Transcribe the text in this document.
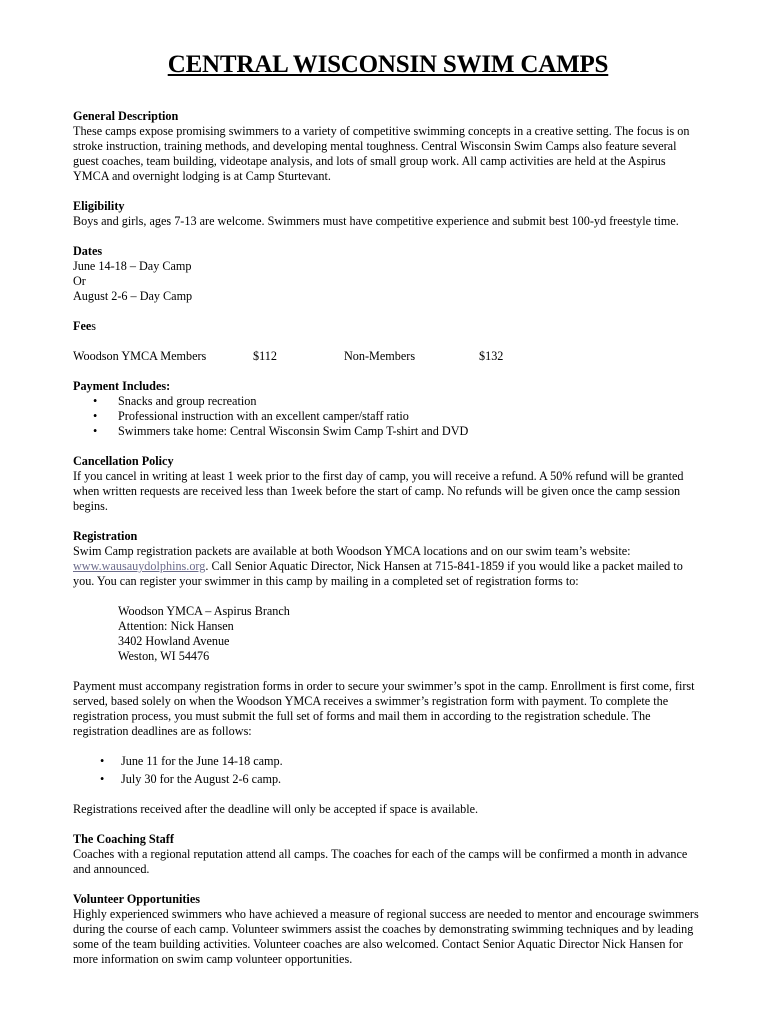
CENTRAL WISCONSIN SWIM CAMPS
General Description

These camps expose promising swimmers to a variety of competitive swimming concepts in a creative setting. The focus is on stroke instruction, training methods, and developing mental toughness. Central Wisconsin Swim Camps also feature several guest coaches, team building, videotape analysis, and lots of small group work. All camp activities are held at the Aspirus YMCA and overnight lodging is at Camp Sturtevant.

Eligibility

Boys and girls, ages 7-13 are welcome. Swimmers must have competitive experience and submit best 100-yd freestyle time.

Dates
June 14-18 – Day Camp
Or
August 2-6 – Day Camp
Fees
Woodson YMCA Members	$112	Non-Members	$132
Payment Includes:
• Snacks and group recreation
• Professional instruction with an excellent camper/staff ratio
• Swimmers take home: Central Wisconsin Swim Camp T-shirt and DVD
Cancellation Policy

If you cancel in writing at least 1 week prior to the first day of camp, you will receive a refund. A 50% refund will be granted when written requests are received less than 1week before the start of camp. No refunds will be given once the camp session begins.

Registration

Swim Camp registration packets are available at both Woodson YMCA locations and on our swim team’s website: www.wausauydolphins.org. Call Senior Aquatic Director, Nick Hansen at 715-841-1859 if you would like a packet mailed to you. You can register your swimmer in this camp by mailing in a completed set of registration forms to:

Woodson YMCA – Aspirus Branch
Attention: Nick Hansen
3402 Howland Avenue
Weston, WI 54476

Payment must accompany registration forms in order to secure your swimmer’s spot in the camp. Enrollment is first come, first served, based solely on when the Woodson YMCA receives a swimmer’s registration form with payment. To complete the registration process, you must submit the full set of forms and mail them in according to the registration schedule. The registration deadlines are as follows:

• June 11 for the June 14-18 camp.
• July 30 for the August 2-6 camp.

Registrations received after the deadline will only be accepted if space is available.

The Coaching Staff

Coaches with a regional reputation attend all camps. The coaches for each of the camps will be confirmed a month in advance and announced.

Volunteer Opportunities

Highly experienced swimmers who have achieved a measure of regional success are needed to mentor and encourage swimmers during the course of each camp. Volunteer swimmers assist the coaches by demonstrating swimming techniques and by leading some of the team building activities. Volunteer coaches are also welcomed. Contact Senior Aquatic Director Nick Hansen for more information on swim camp volunteer opportunities.
